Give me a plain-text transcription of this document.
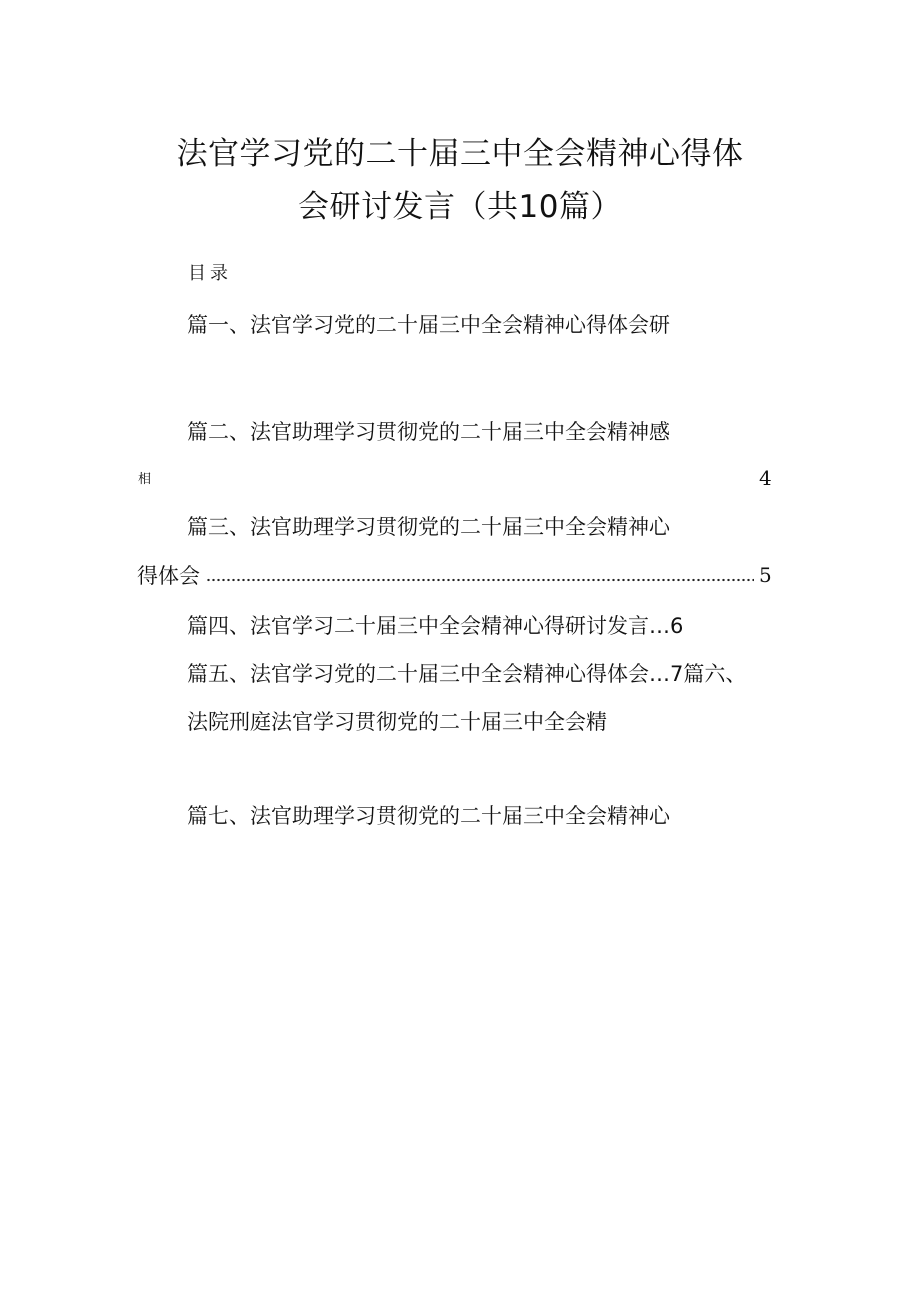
法官学习党的二十届三中全会精神心得体
会研讨发言（共10篇）
目录
篇一、法官学习党的二十届三中全会精神心得体会研
篇二、法官助理学习贯彻党的二十届三中全会精神感
相	4
篇三、法官助理学习贯彻党的二十届三中全会精神心
得体会	5
篇四、法官学习二十届三中全会精神心得研讨发言…6
篇五、法官学习党的二十届三中全会精神心得体会…7篇六、
法院刑庭法官学习贯彻党的二十届三中全会精
篇七、法官助理学习贯彻党的二十届三中全会精神心
